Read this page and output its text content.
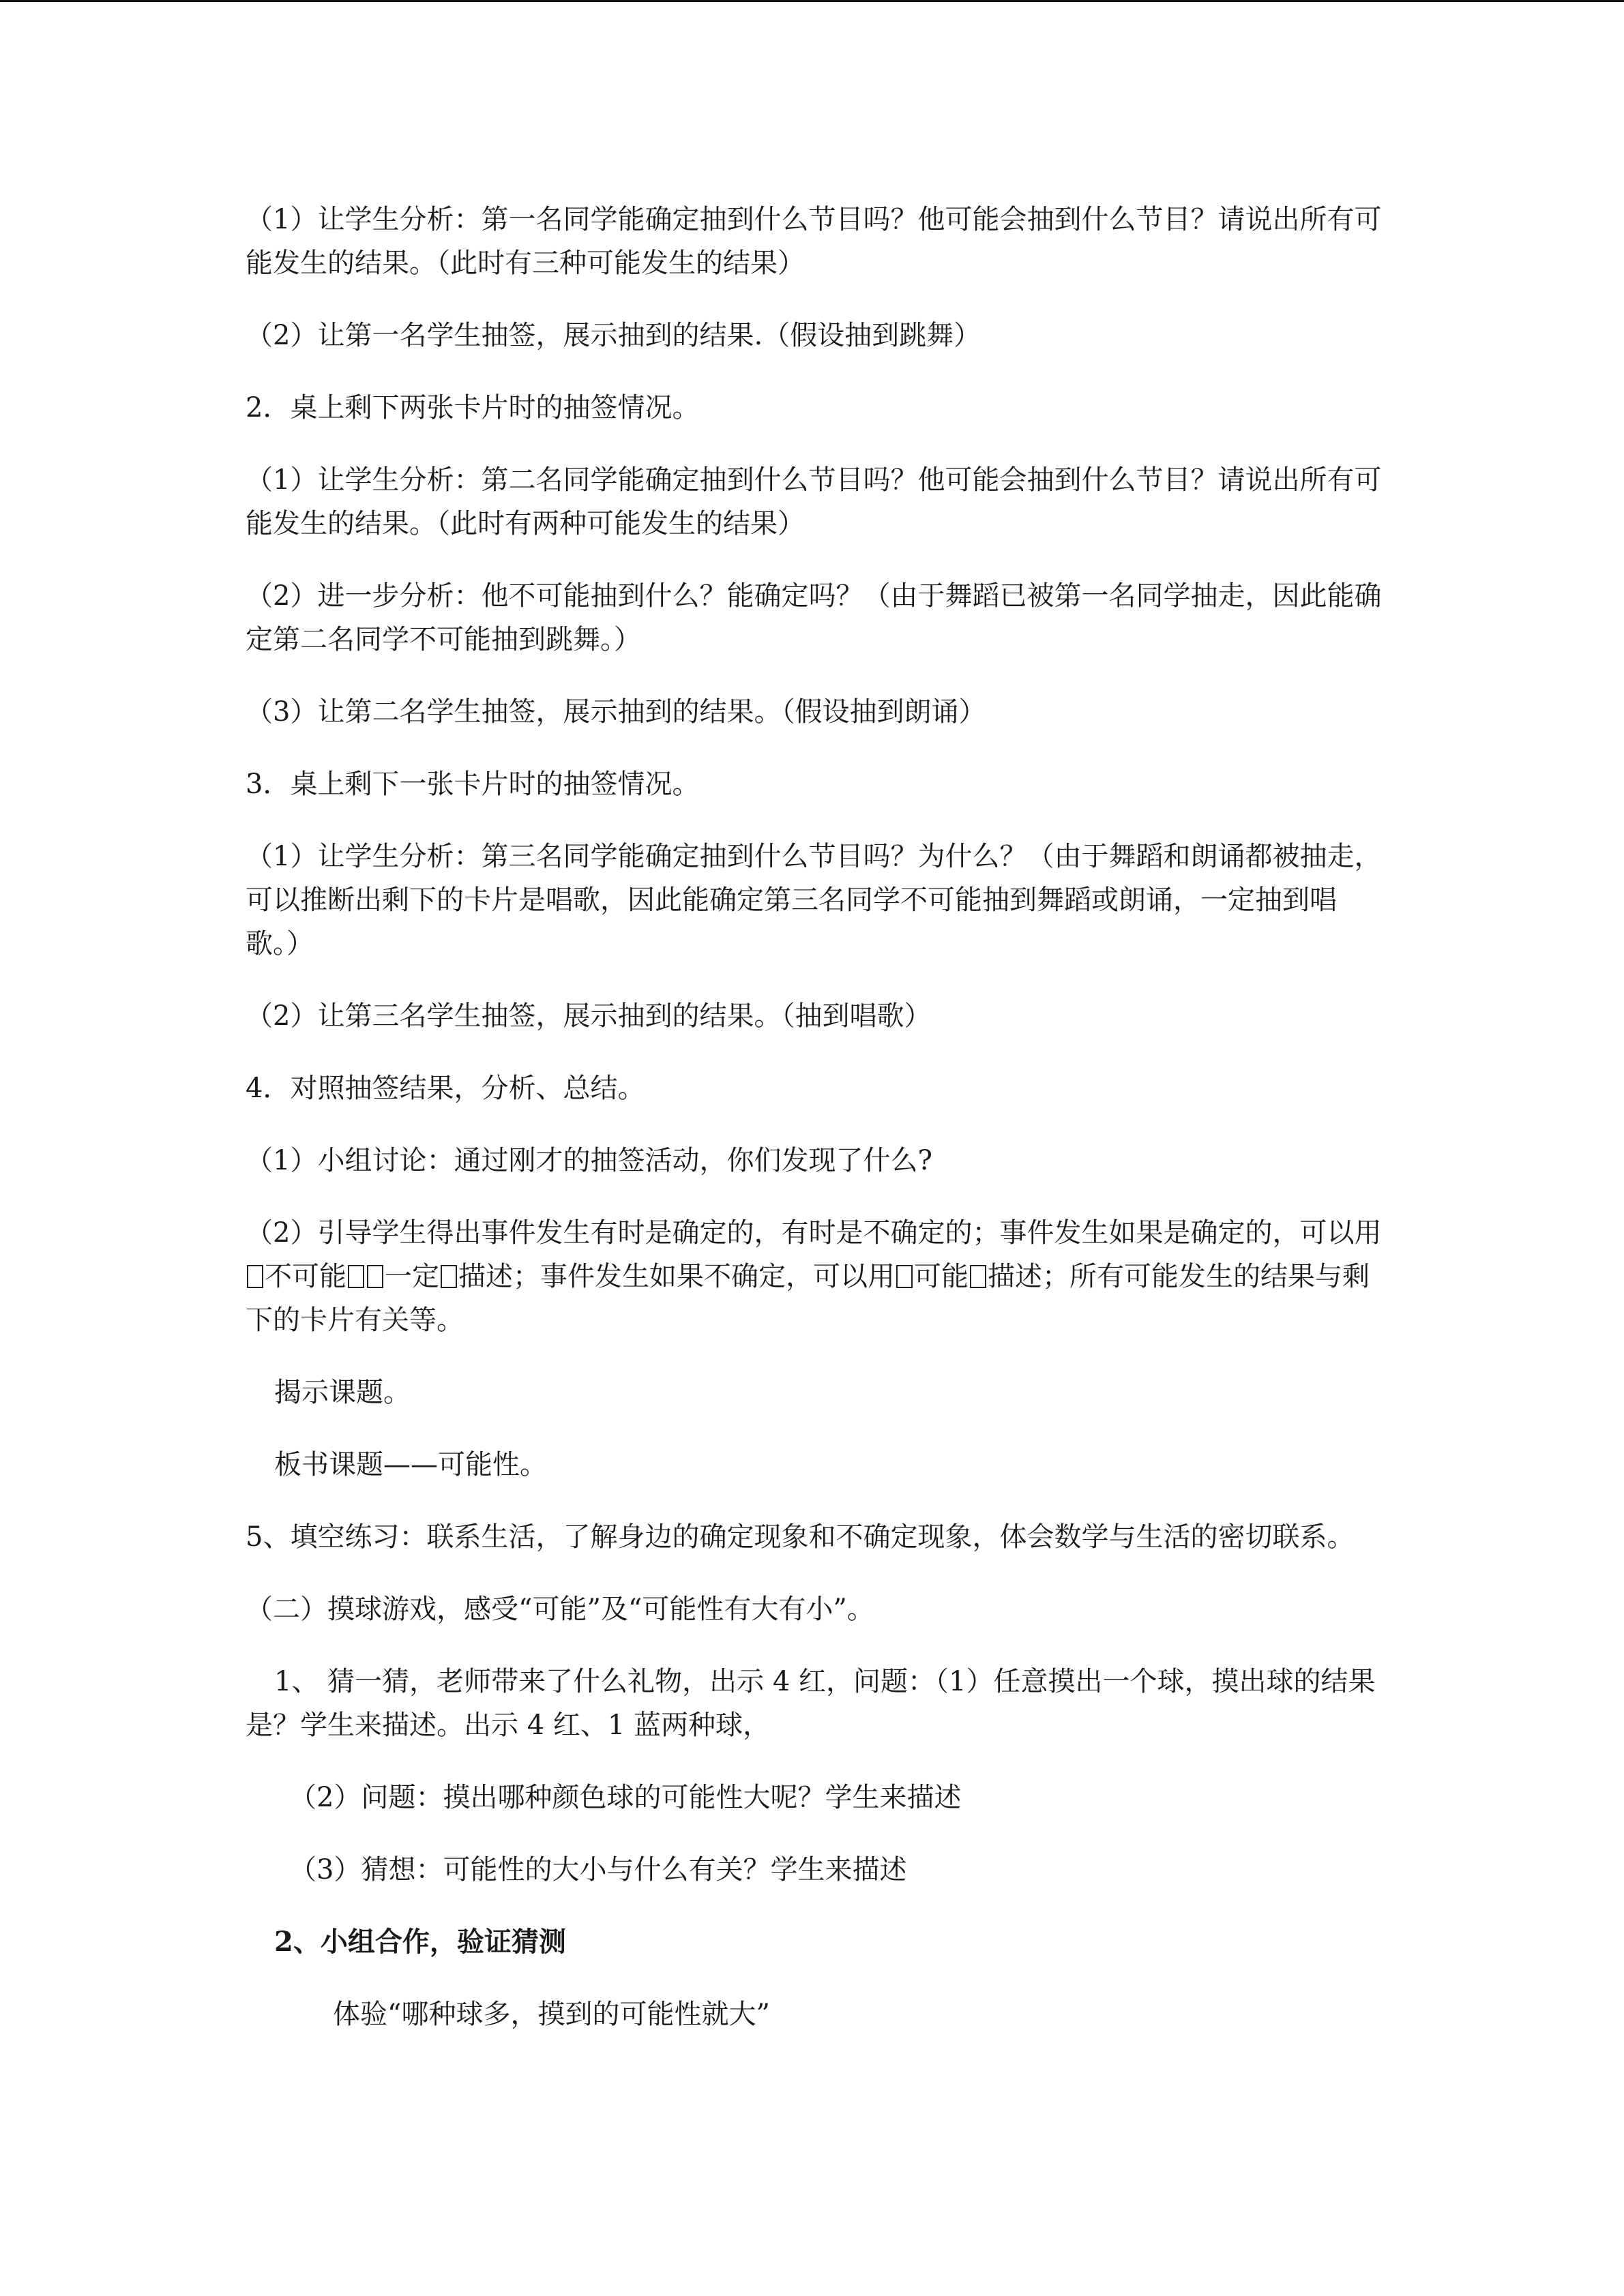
（1）让学生分析：第一名同学能确定抽到什么节目吗？他可能会抽到什么节目？请说出所有可能发生的结果。（此时有三种可能发生的结果）

（2）让第一名学生抽签，展示抽到的结果.（假设抽到跳舞）

2．桌上剩下两张卡片时的抽签情况。

（1）让学生分析：第二名同学能确定抽到什么节目吗？他可能会抽到什么节目？请说出所有可能发生的结果。（此时有两种可能发生的结果）

（2）进一步分析：他不可能抽到什么？能确定吗？（由于舞蹈已被第一名同学抽走，因此能确定第二名同学不可能抽到跳舞。）

（3）让第二名学生抽签，展示抽到的结果。（假设抽到朗诵）

3．桌上剩下一张卡片时的抽签情况。

（1）让学生分析：第三名同学能确定抽到什么节目吗？为什么？（由于舞蹈和朗诵都被抽走，可以推断出剩下的卡片是唱歌，因此能确定第三名同学不可能抽到舞蹈或朗诵，一定抽到唱歌。）

（2）让第三名学生抽签，展示抽到的结果。（抽到唱歌）

4．对照抽签结果，分析、总结。

（1）小组讨论：通过刚才的抽签活动，你们发现了什么?

（2）引导学生得出事件发生有时是确定的，有时是不确定的；事件发生如果是确定的，可以用不可能 一定 描述；事件发生如果不确定，可以用 可能 描述；所有可能发生的结果与剩下的卡片有关等。

揭示课题。

板书课题——可能性。

5、填空练习：联系生活，了解身边的确定现象和不确定现象，体会数学与生活的密切联系。

（二）摸球游戏，感受“可能”及“可能性有大有小”。

1、 猜一猜，老师带来了什么礼物，出示 4 红，问题：（1）任意摸出一个球，摸出球的结果是？学生来描述。出示 4 红、1 蓝两种球，

（2）问题：摸出哪种颜色球的可能性大呢？学生来描述

（3）猜想：可能性的大小与什么有关？学生来描述

2、小组合作，验证猜测

体验“哪种球多，摸到的可能性就大”
